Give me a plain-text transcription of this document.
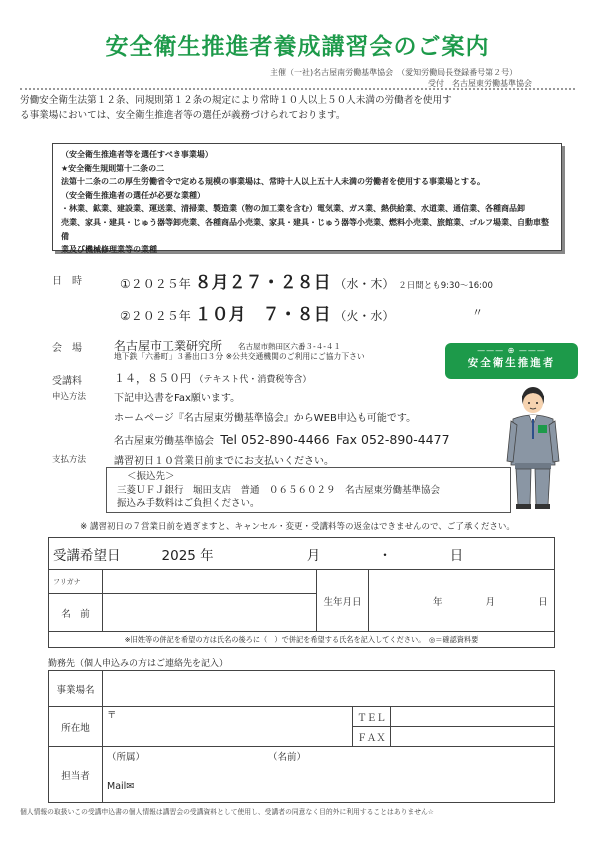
安全衛生推進者養成講習会のご案内
主催（一社)名古屋南労働基準協会　（愛知労働局長登録番号第２号）
受付　名古屋東労働基準協会
労働安全衛生法第１２条、同規則第１２条の規定により常時１０人以上５０人未満の労働者を使用す
る事業場においては、安全衛生推進者等の選任が義務づけられております。
（安全衛生推進者等を選任すべき事業場）
★安全衛生規則第十二条の二
法第十二条の二の厚生労働省令で定める規模の事業場は、常時十人以上五十人未満の労働者を使用する事業場とする。
（安全衛生推進者の選任が必要な業種）
・林業、鉱業、建設業、運送業、清掃業、製造業（物の加工業を含む）電気業、ガス業、熱供給業、水道業、通信業、各種商品卸
売業、家具・建具・じゅう器等卸売業、各種商品小売業、家具・建具・じゅう器等小売業、燃料小売業、旅館業、ゴルフ場業、自動車整備
業及び機械修理業等の業種
日　時	①２０２５年 ８月２７・２８日 （水・木） ２日間とも9:30～16:00
②２０２５年 １０月　７・８日 （火・水）	〃
会　場	名古屋市工業研究所 名古屋市熱田区六番３-４-４１
地下鉄「六番町」３番出口３分 ※公共交通機関のご利用にご協力下さい
——— ⊕ ———
安全衛生推進者
受講料	１４，８５０円 （テキスト代・消費税等含）
申込方法	下記申込書をFax願います。
ホームページ『名古屋東労働基準協会』からWEB申込も可能です。
名古屋東労働基準協会 Tel 052-890-4466 Fax 052-890-4477
支払方法	講習初日１０営業日前までにお支払いください。
＜振込先＞
三菱ＵＦＪ銀行　堀田支店　普通　０６５６０２９　名古屋東労働基準協会
振込み手数料はご負担ください。
※ 講習初日の７営業日前を過ぎますと、キャンセル・変更・受講料等の返金はできませんので、ご了承ください。
受講希望日 2025 年 月 ・ 日			
フリガナ		生年月日	年 月 日
名　前			
※旧姓等の併記を希望の方は氏名の後ろに（　）で併記を希望する氏名を記入してください。　◎＝確認資料要			
勤務先（個人申込みの方はご連絡先を記入）
事業場名			
所在地	〒	ＴＥＬ	
		ＦＡＸ	
担当者	（所属） （名前）
Mail✉		
個人情報の取扱いこの受講申込書の個人情報は講習会の受講資料として使用し、受講者の同意なく目的外に利用することはありません☆
